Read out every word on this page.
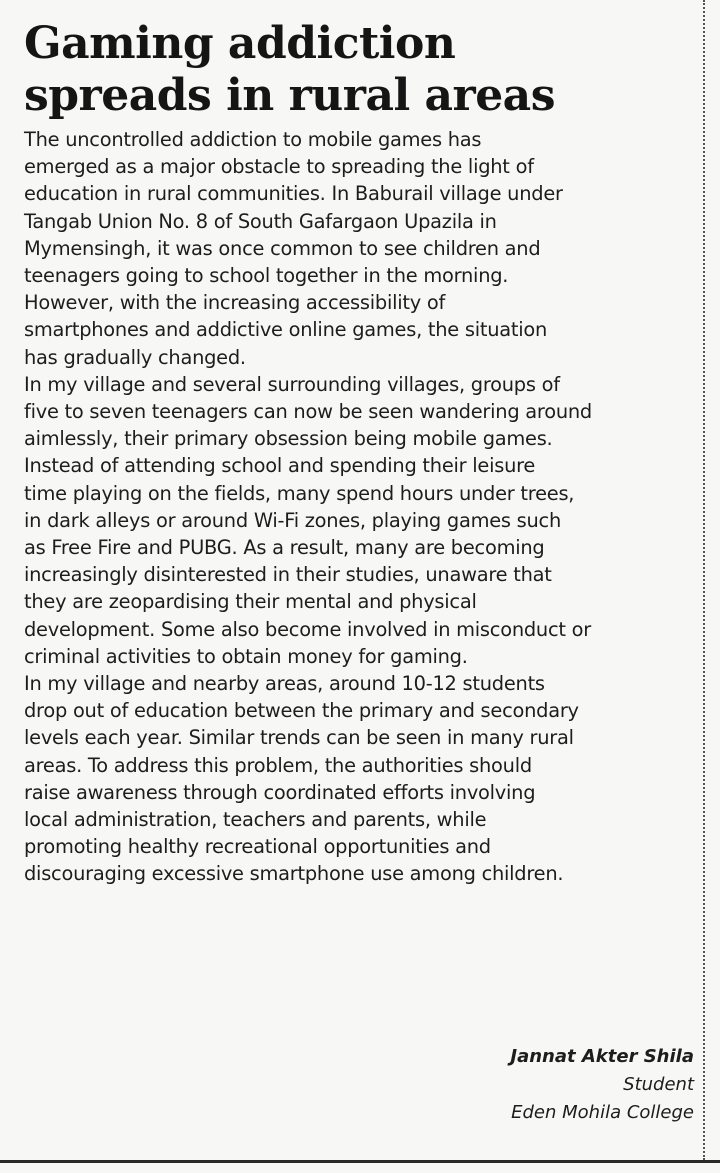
Gaming addiction
spreads in rural areas
The uncontrolled addiction to mobile games has
emerged as a major obstacle to spreading the light of
education in rural communities. In Baburail village under
Tangab Union No. 8 of South Gafargaon Upazila in
Mymensingh, it was once common to see children and
teenagers going to school together in the morning.
However, with the increasing accessibility of
smartphones and addictive online games, the situation
has gradually changed.
In my village and several surrounding villages, groups of
five to seven teenagers can now be seen wandering around
aimlessly, their primary obsession being mobile games.
Instead of attending school and spending their leisure
time playing on the fields, many spend hours under trees,
in dark alleys or around Wi-Fi zones, playing games such
as Free Fire and PUBG. As a result, many are becoming
increasingly disinterested in their studies, unaware that
they are zeopardising their mental and physical
development. Some also become involved in misconduct or
criminal activities to obtain money for gaming.
In my village and nearby areas, around 10-12 students
drop out of education between the primary and secondary
levels each year. Similar trends can be seen in many rural
areas. To address this problem, the authorities should
raise awareness through coordinated efforts involving
local administration, teachers and parents, while
promoting healthy recreational opportunities and
discouraging excessive smartphone use among children.
Jannat Akter Shila
Student
Eden Mohila College
